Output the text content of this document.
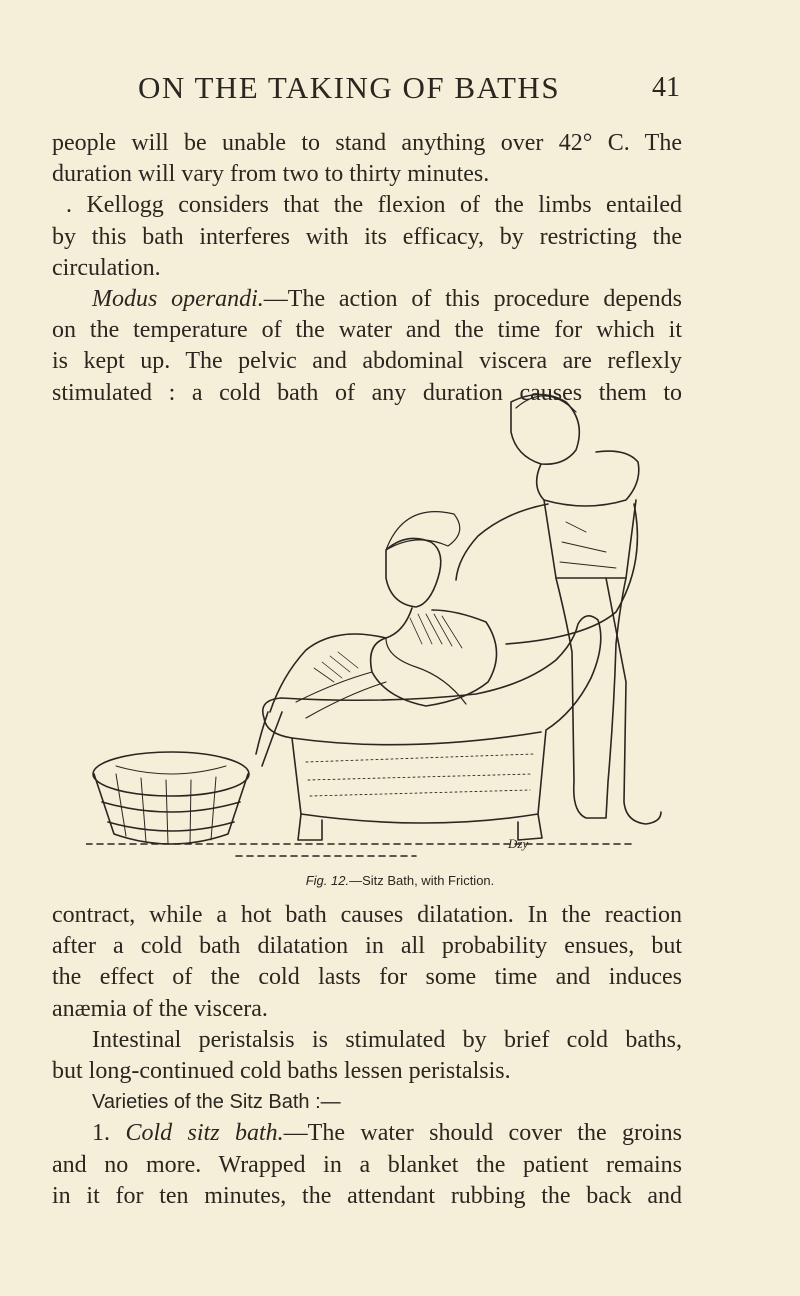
ON THE TAKING OF BATHS	41
people will be unable to stand anything over 42° C. The
duration will vary from two to thirty minutes.
. Kellogg considers that the flexion of the limbs entailed
by this bath interferes with its efficacy, by restricting the
circulation.
Modus operandi.—The action of this procedure depends
on the temperature of the water and the time for which it
is kept up. The pelvic and abdominal viscera are reflexly
stimulated : a cold bath of any duration causes them to
Dzy
Fig. 12.—Sitz Bath, with Friction.
contract, while a hot bath causes dilatation. In the reaction
after a cold bath dilatation in all probability ensues, but
the effect of the cold lasts for some time and induces
anæmia of the viscera.
Intestinal peristalsis is stimulated by brief cold baths,
but long-continued cold baths lessen peristalsis.
Varieties of the Sitz Bath :—
1. Cold sitz bath.—The water should cover the groins
and no more. Wrapped in a blanket the patient remains
in it for ten minutes, the attendant rubbing the back and
